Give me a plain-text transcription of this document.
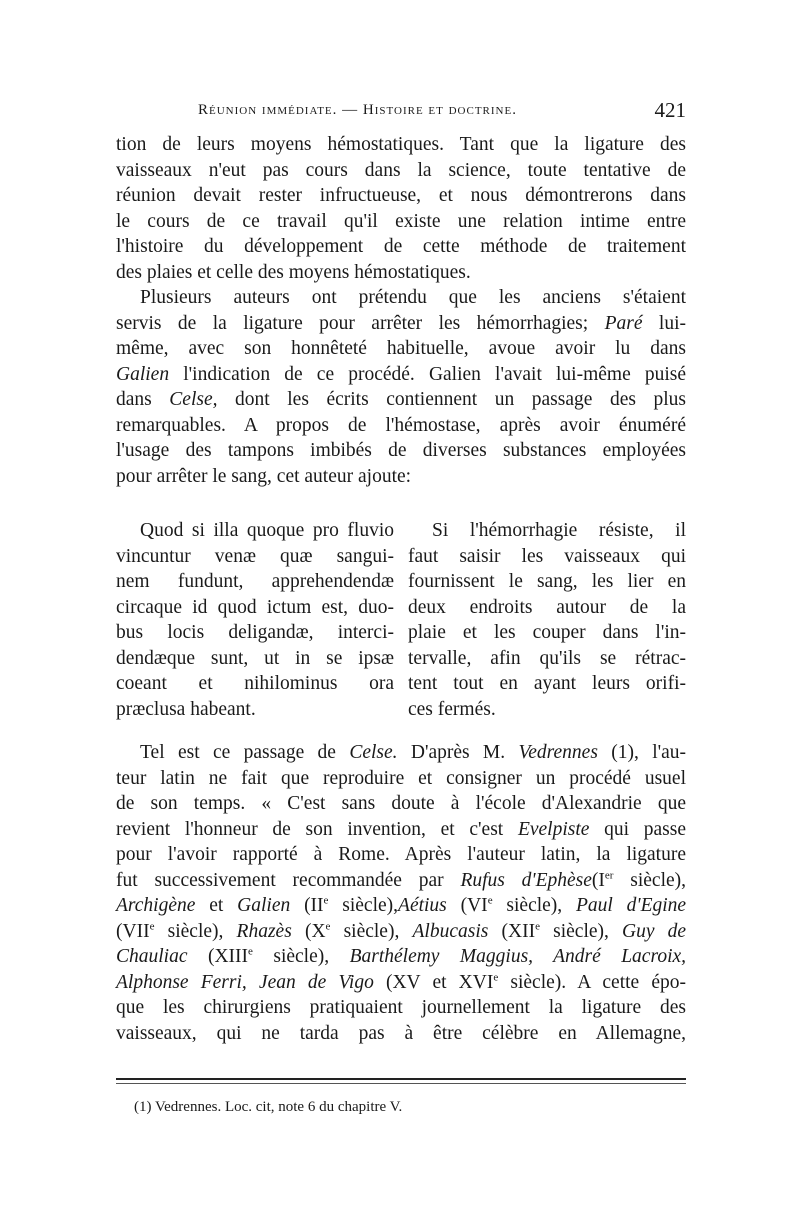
Réunion immédiate. — Histoire et doctrine.	421
tion de leurs moyens hémostatiques. Tant que la ligature des
vaisseaux n'eut pas cours dans la science, toute tentative de
réunion devait rester infructueuse, et nous démontrerons dans
le cours de ce travail qu'il existe une relation intime entre
l'histoire du développement de cette méthode de traitement
des plaies et celle des moyens hémostatiques.
Plusieurs auteurs ont prétendu que les anciens s'étaient
servis de la ligature pour arrêter les hémorrhagies; Paré lui-
même, avec son honnêteté habituelle, avoue avoir lu dans
Galien l'indication de ce procédé. Galien l'avait lui-même puisé
dans Celse, dont les écrits contiennent un passage des plus
remarquables. A propos de l'hémostase, après avoir énuméré
l'usage des tampons imbibés de diverses substances employées
pour arrêter le sang, cet auteur ajoute:
Quod si illa quoque pro fluvio
vincuntur venæ quæ sangui-
nem fundunt, apprehendendæ
circaque id quod ictum est, duo-
bus locis deligandæ, interci-
dendæque sunt, ut in se ipsæ
coeant et nihilominus ora
præclusa habeant.
Si l'hémorrhagie résiste, il
faut saisir les vaisseaux qui
fournissent le sang, les lier en
deux endroits autour de la
plaie et les couper dans l'in-
tervalle, afin qu'ils se rétrac-
tent tout en ayant leurs orifi-
ces fermés.
Tel est ce passage de Celse. D'après M. Vedrennes (1), l'au-
teur latin ne fait que reproduire et consigner un procédé usuel
de son temps. « C'est sans doute à l'école d'Alexandrie que
revient l'honneur de son invention, et c'est Evelpiste qui passe
pour l'avoir rapporté à Rome. Après l'auteur latin, la ligature
fut successivement recommandée par Rufus d'Ephèse(Ier siècle),
Archigène et Galien (IIe siècle),Aétius (VIe siècle), Paul d'Egine
(VIIe siècle), Rhazès (Xe siècle), Albucasis (XIIe siècle), Guy de
Chauliac (XIIIe siècle), Barthélemy Maggius, André Lacroix,
Alphonse Ferri, Jean de Vigo (XV et XVIe siècle). A cette épo-
que les chirurgiens pratiquaient journellement la ligature des
vaisseaux, qui ne tarda pas à être célèbre en Allemagne,
(1) Vedrennes. Loc. cit, note 6 du chapitre V.
